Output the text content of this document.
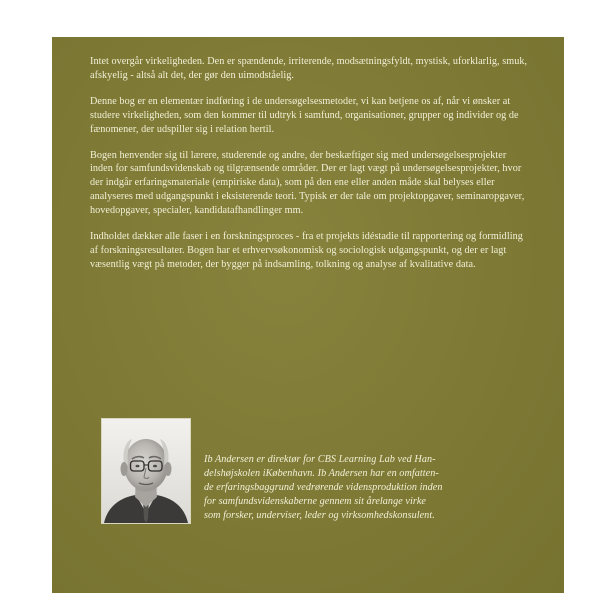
Intet overgår virkeligheden. Den er spændende, irriterende, modsætningsfyldt, mystisk, uforklarlig, smuk, afskyelig - altså alt det, der gør den uimodståelig.

Denne bog er en elementær indføring i de undersøgelsesmetoder, vi kan betjene os af, når vi ønsker at studere virkeligheden, som den kommer til udtryk i samfund, organisationer, grupper og individer og de fænomener, der udspiller sig i relation hertil.

Bogen henvender sig til lærere, studerende og andre, der beskæftiger sig med undersøgelsesprojekter inden for samfundsvidenskab og tilgrænsende områder. Der er lagt vægt på undersøgelsesprojekter, hvor der indgår erfaringsmateriale (empiriske data), som på den ene eller anden måde skal belyses eller analyseres med udgangspunkt i eksisterende teori. Typisk er der tale om projektopgaver, seminaropgaver, hovedopgaver, specialer, kandidatafhandlinger mm.

Indholdet dækker alle faser i en forskningsproces - fra et projekts idéstadie til rapportering og formidling af forskningsresultater. Bogen har et erhvervsøkonomisk og sociologisk udgangspunkt, og der er lagt væsentlig vægt på metoder, der bygger på indsamling, tolkning og analyse af kvalitative data.

Ib Andersen er direktør for CBS Learning Lab ved Han-
delshøjskolen iKøbenhavn. Ib Andersen har en omfatten-
de erfaringsbaggrund vedrørende vidensproduktion inden
for samfundsvidenskaberne gennem sit årelange virke
som forsker, underviser, leder og virksomhedskonsulent.
